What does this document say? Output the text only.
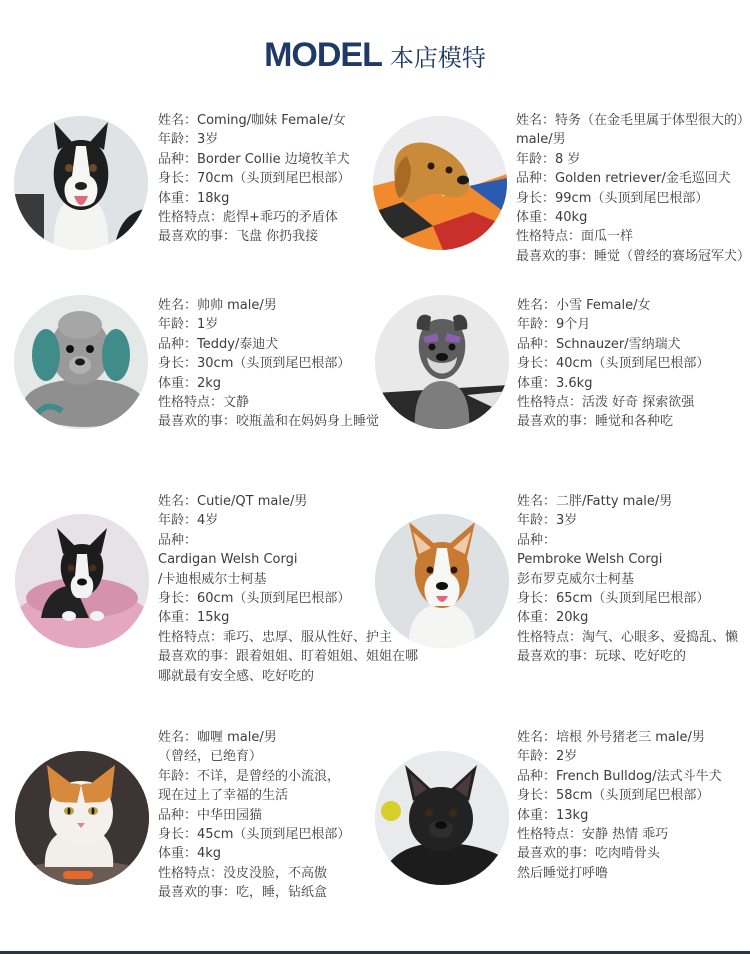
MODEL 本店模特
姓名：Coming/咖妹 Female/女
年龄：3岁
品种：Border Collie 边境牧羊犬
身长：70cm（头顶到尾巴根部）
体重：18kg
性格特点：彪悍+乖巧的矛盾体
最喜欢的事：飞盘 你扔我接
姓名：特务（在金毛里属于体型很大的）
male/男
年龄：8 岁
品种：Golden retriever/金毛巡回犬
身长：99cm（头顶到尾巴根部）
体重：40kg
性格特点：面瓜一样
最喜欢的事：睡觉（曾经的赛场冠军犬）
姓名：帅帅 male/男
年龄：1岁
品种：Teddy/泰迪犬
身长：30cm（头顶到尾巴根部）
体重：2kg
性格特点：文静
最喜欢的事：咬瓶盖和在妈妈身上睡觉
姓名：小雪 Female/女
年龄：9个月
品种：Schnauzer/雪纳瑞犬
身长：40cm（头顶到尾巴根部）
体重：3.6kg
性格特点：活泼 好奇 探索欲强
最喜欢的事：睡觉和各种吃
姓名：Cutie/QT male/男
年龄：4岁
品种：
Cardigan Welsh Corgi
/卡迪根威尔士柯基
身长：60cm（头顶到尾巴根部）
体重：15kg
性格特点：乖巧、忠厚、服从性好、护主
最喜欢的事：跟着姐姐、盯着姐姐、姐姐在哪
哪就最有安全感、吃好吃的
姓名：二胖/Fatty male/男
年龄：3岁
品种：
Pembroke Welsh Corgi
彭布罗克威尔士柯基
身长：65cm（头顶到尾巴根部）
体重：20kg
性格特点：淘气、心眼多、爱捣乱、懒
最喜欢的事：玩球、吃好吃的
姓名：咖喱 male/男
（曾经，已绝育）
年龄：不详，是曾经的小流浪，
现在过上了幸福的生活
品种：中华田园猫
身长：45cm（头顶到尾巴根部）
体重：4kg
性格特点：没皮没脸，不高傲
最喜欢的事：吃，睡，钻纸盒
姓名：培根 外号猪老三 male/男
年龄：2岁
品种：French Bulldog/法式斗牛犬
身长：58cm（头顶到尾巴根部）
体重：13kg
性格特点：安静 热情 乖巧
最喜欢的事：吃肉啃骨头
然后睡觉打呼噜
